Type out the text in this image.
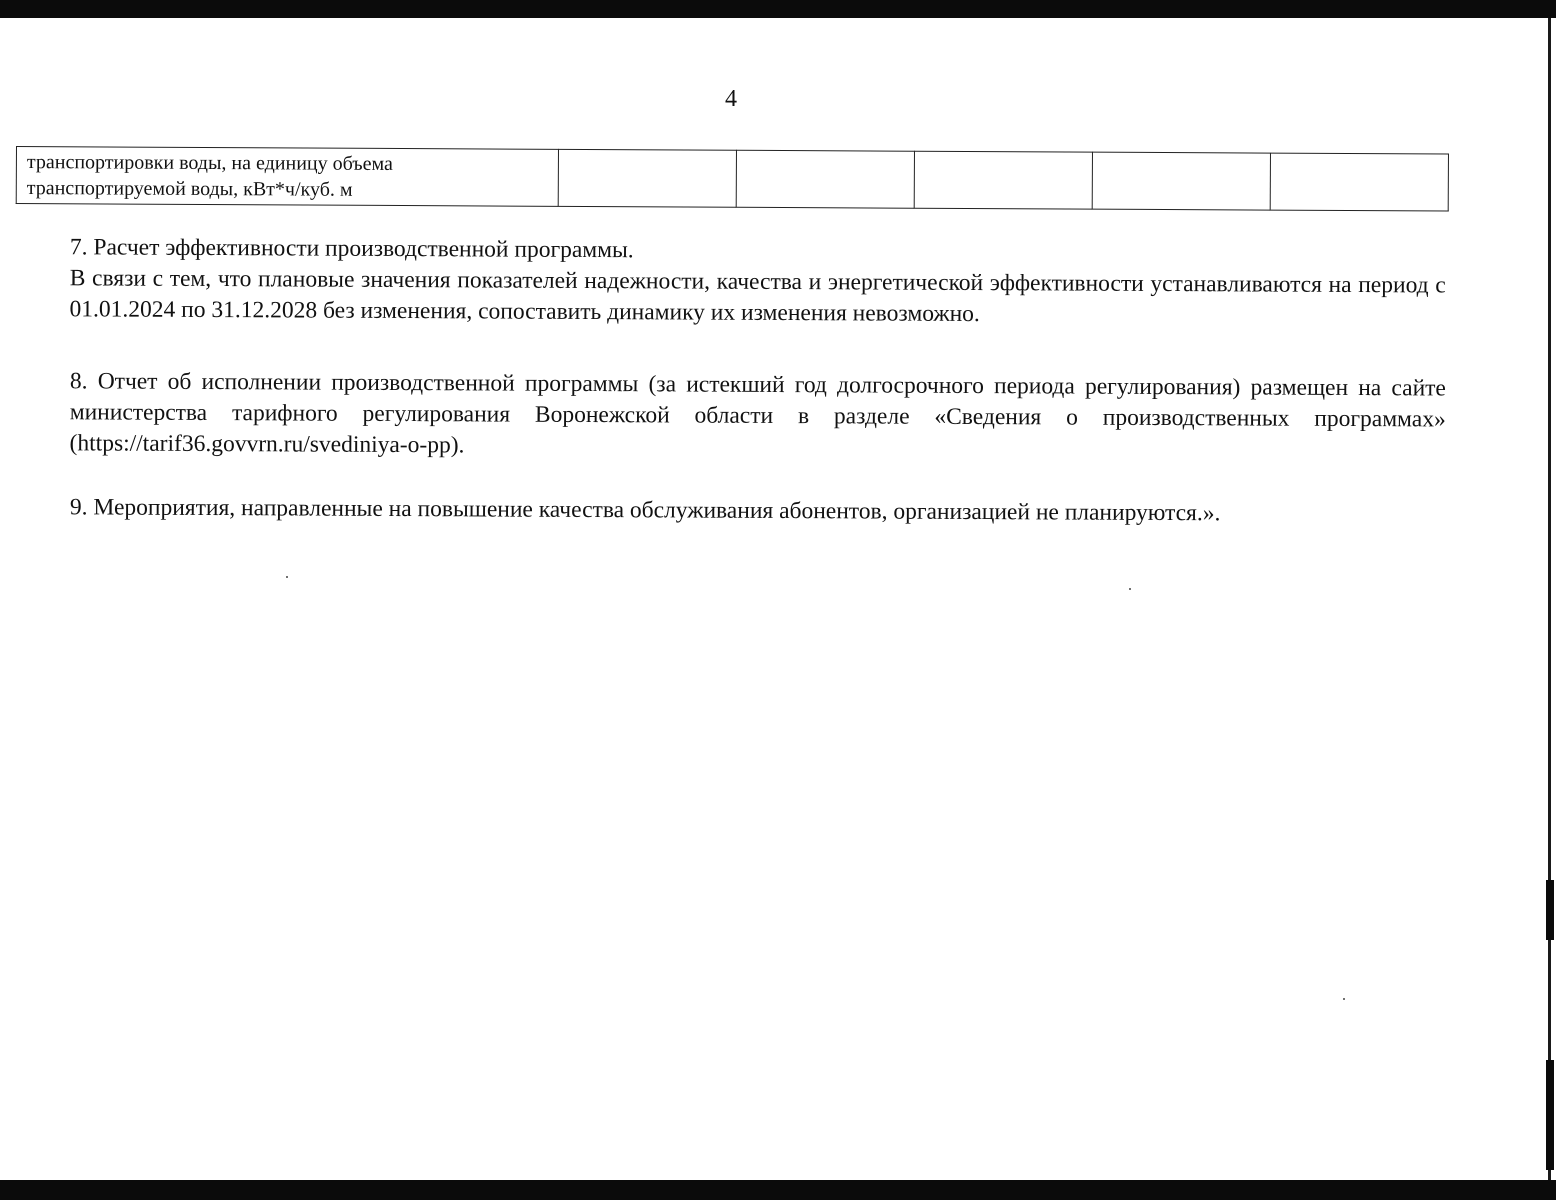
4
транспортировки воды, на единицу объема
транспортируемой воды, кВт*ч/куб. м

7. Расчет эффективности производственной программы.
В связи с тем, что плановые значения показателей надежности, качества и энергетической эффективности устанавливаются на период с 01.01.2024 по 31.12.2028 без изменения, сопоставить динамику их изменения невозможно.
8. Отчет об исполнении производственной программы (за истекший год долгосрочного периода регулирования) размещен на сайте министерства тарифного регулирования Воронежской области в разделе «Сведения о производственных программах» (https://tarif36.govvrn.ru/svediniya-o-pp).
9. Мероприятия, направленные на повышение качества обслуживания абонентов, организацией не планируются.».
